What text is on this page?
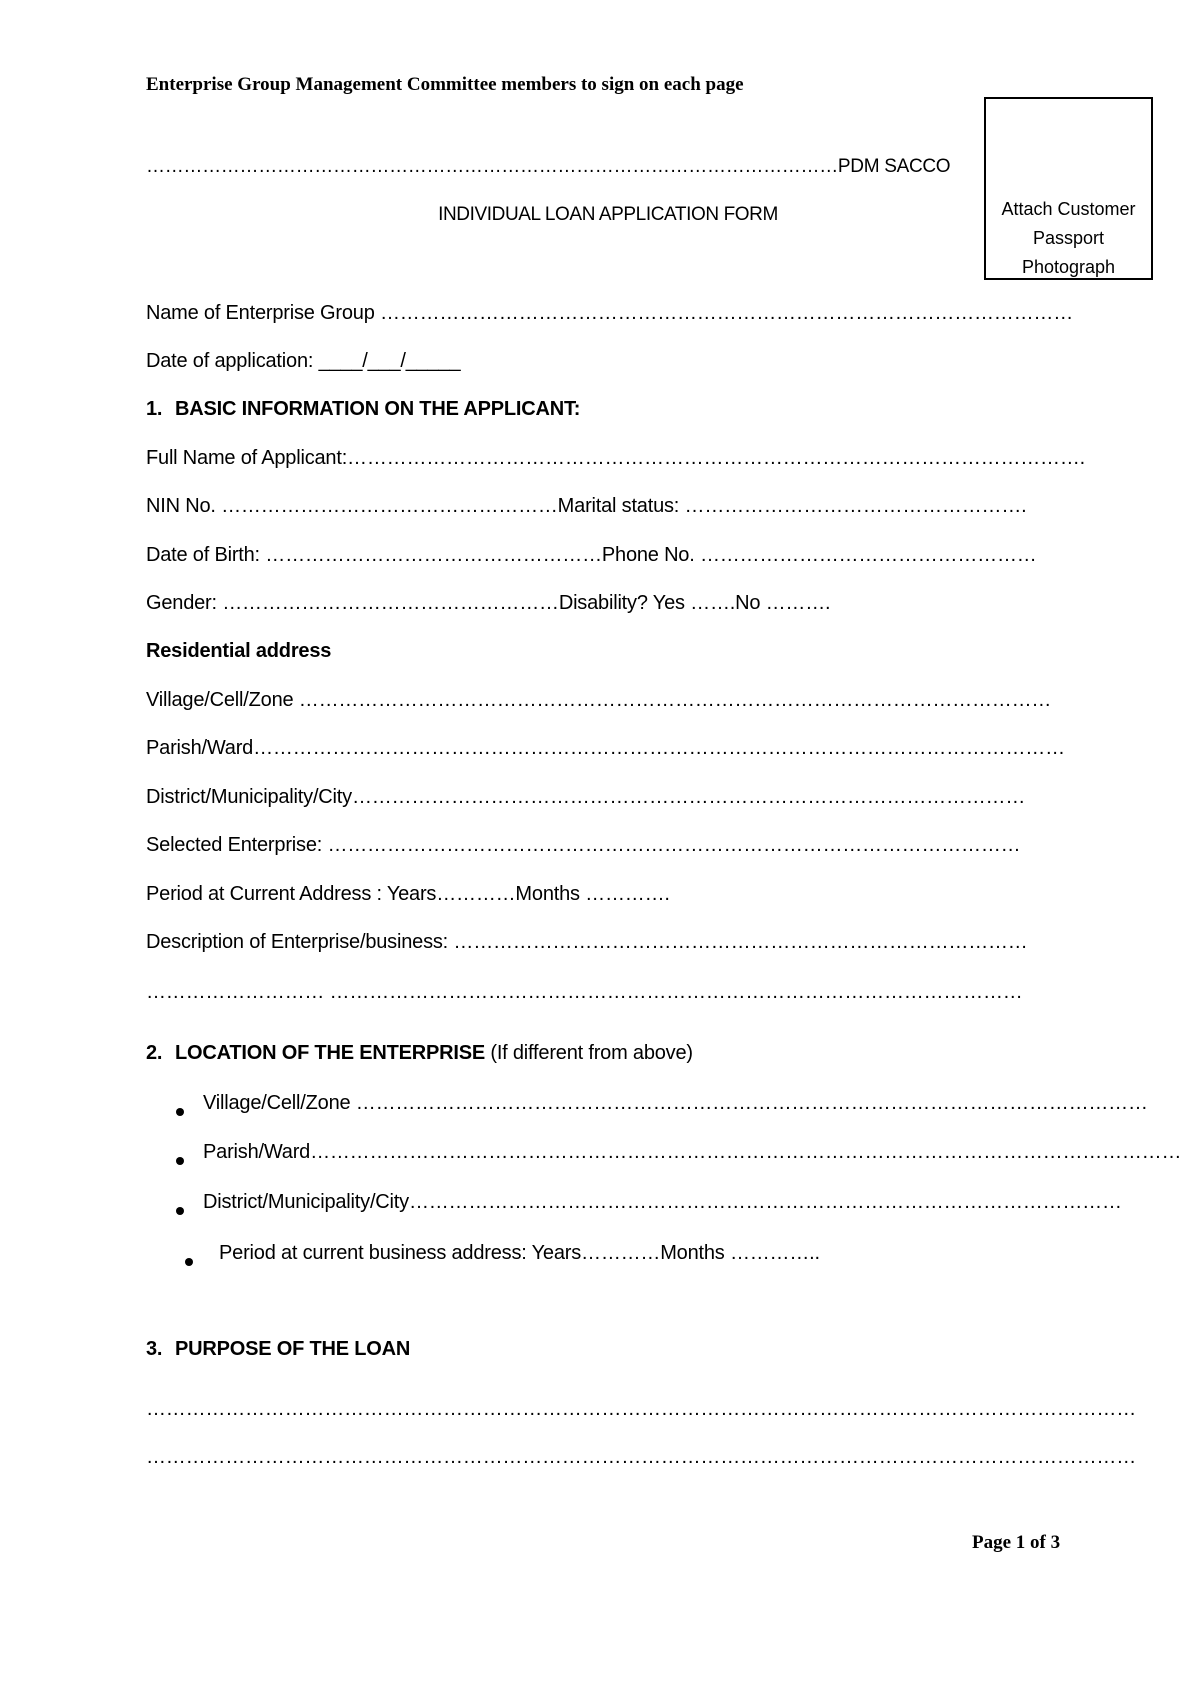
Enterprise Group Management Committee members to sign on each page
…………………………………………………………………………………………………PDM SACCO
INDIVIDUAL LOAN APPLICATION FORM	Attach Customer Passport Photograph
Name of Enterprise Group ……………………………………………………………………………………………
Date of application: ____/___/_____
1. BASIC INFORMATION ON THE APPLICANT:
Full Name of Applicant:………………………………………………………………………………………………….
NIN No. ……………………………………………Marital status: …………………………………………….
Date of Birth: ……………………………………………Phone No. ……………………………………………
Gender: ……………………………………………Disability? Yes …….No ……….
Residential address
Village/Cell/Zone ……………………………………………………………………………………………………
Parish/Ward……………………………………………………………………………………………………………
District/Municipality/City…………………………………………………………………………………………
Selected Enterprise: ……………………………………………………………………………………………
Period at Current Address : Years…………Months ………….
Description of Enterprise/business: ……………………………………………………………………………
……………………… ……………………………………………………………………………………………
2. LOCATION OF THE ENTERPRISE (If different from above)
Village/Cell/Zone …………………………………………………………………………………………………………
Parish/Ward……………………………………………………………………………………………………………………
District/Municipality/City………………………………………………………………………………………………
Period at current business address: Years…………Months …………..
3. PURPOSE OF THE LOAN
……………………………………………………………………………………………………………………………………
……………………………………………………………………………………………………………………………………
Page 1 of 3
